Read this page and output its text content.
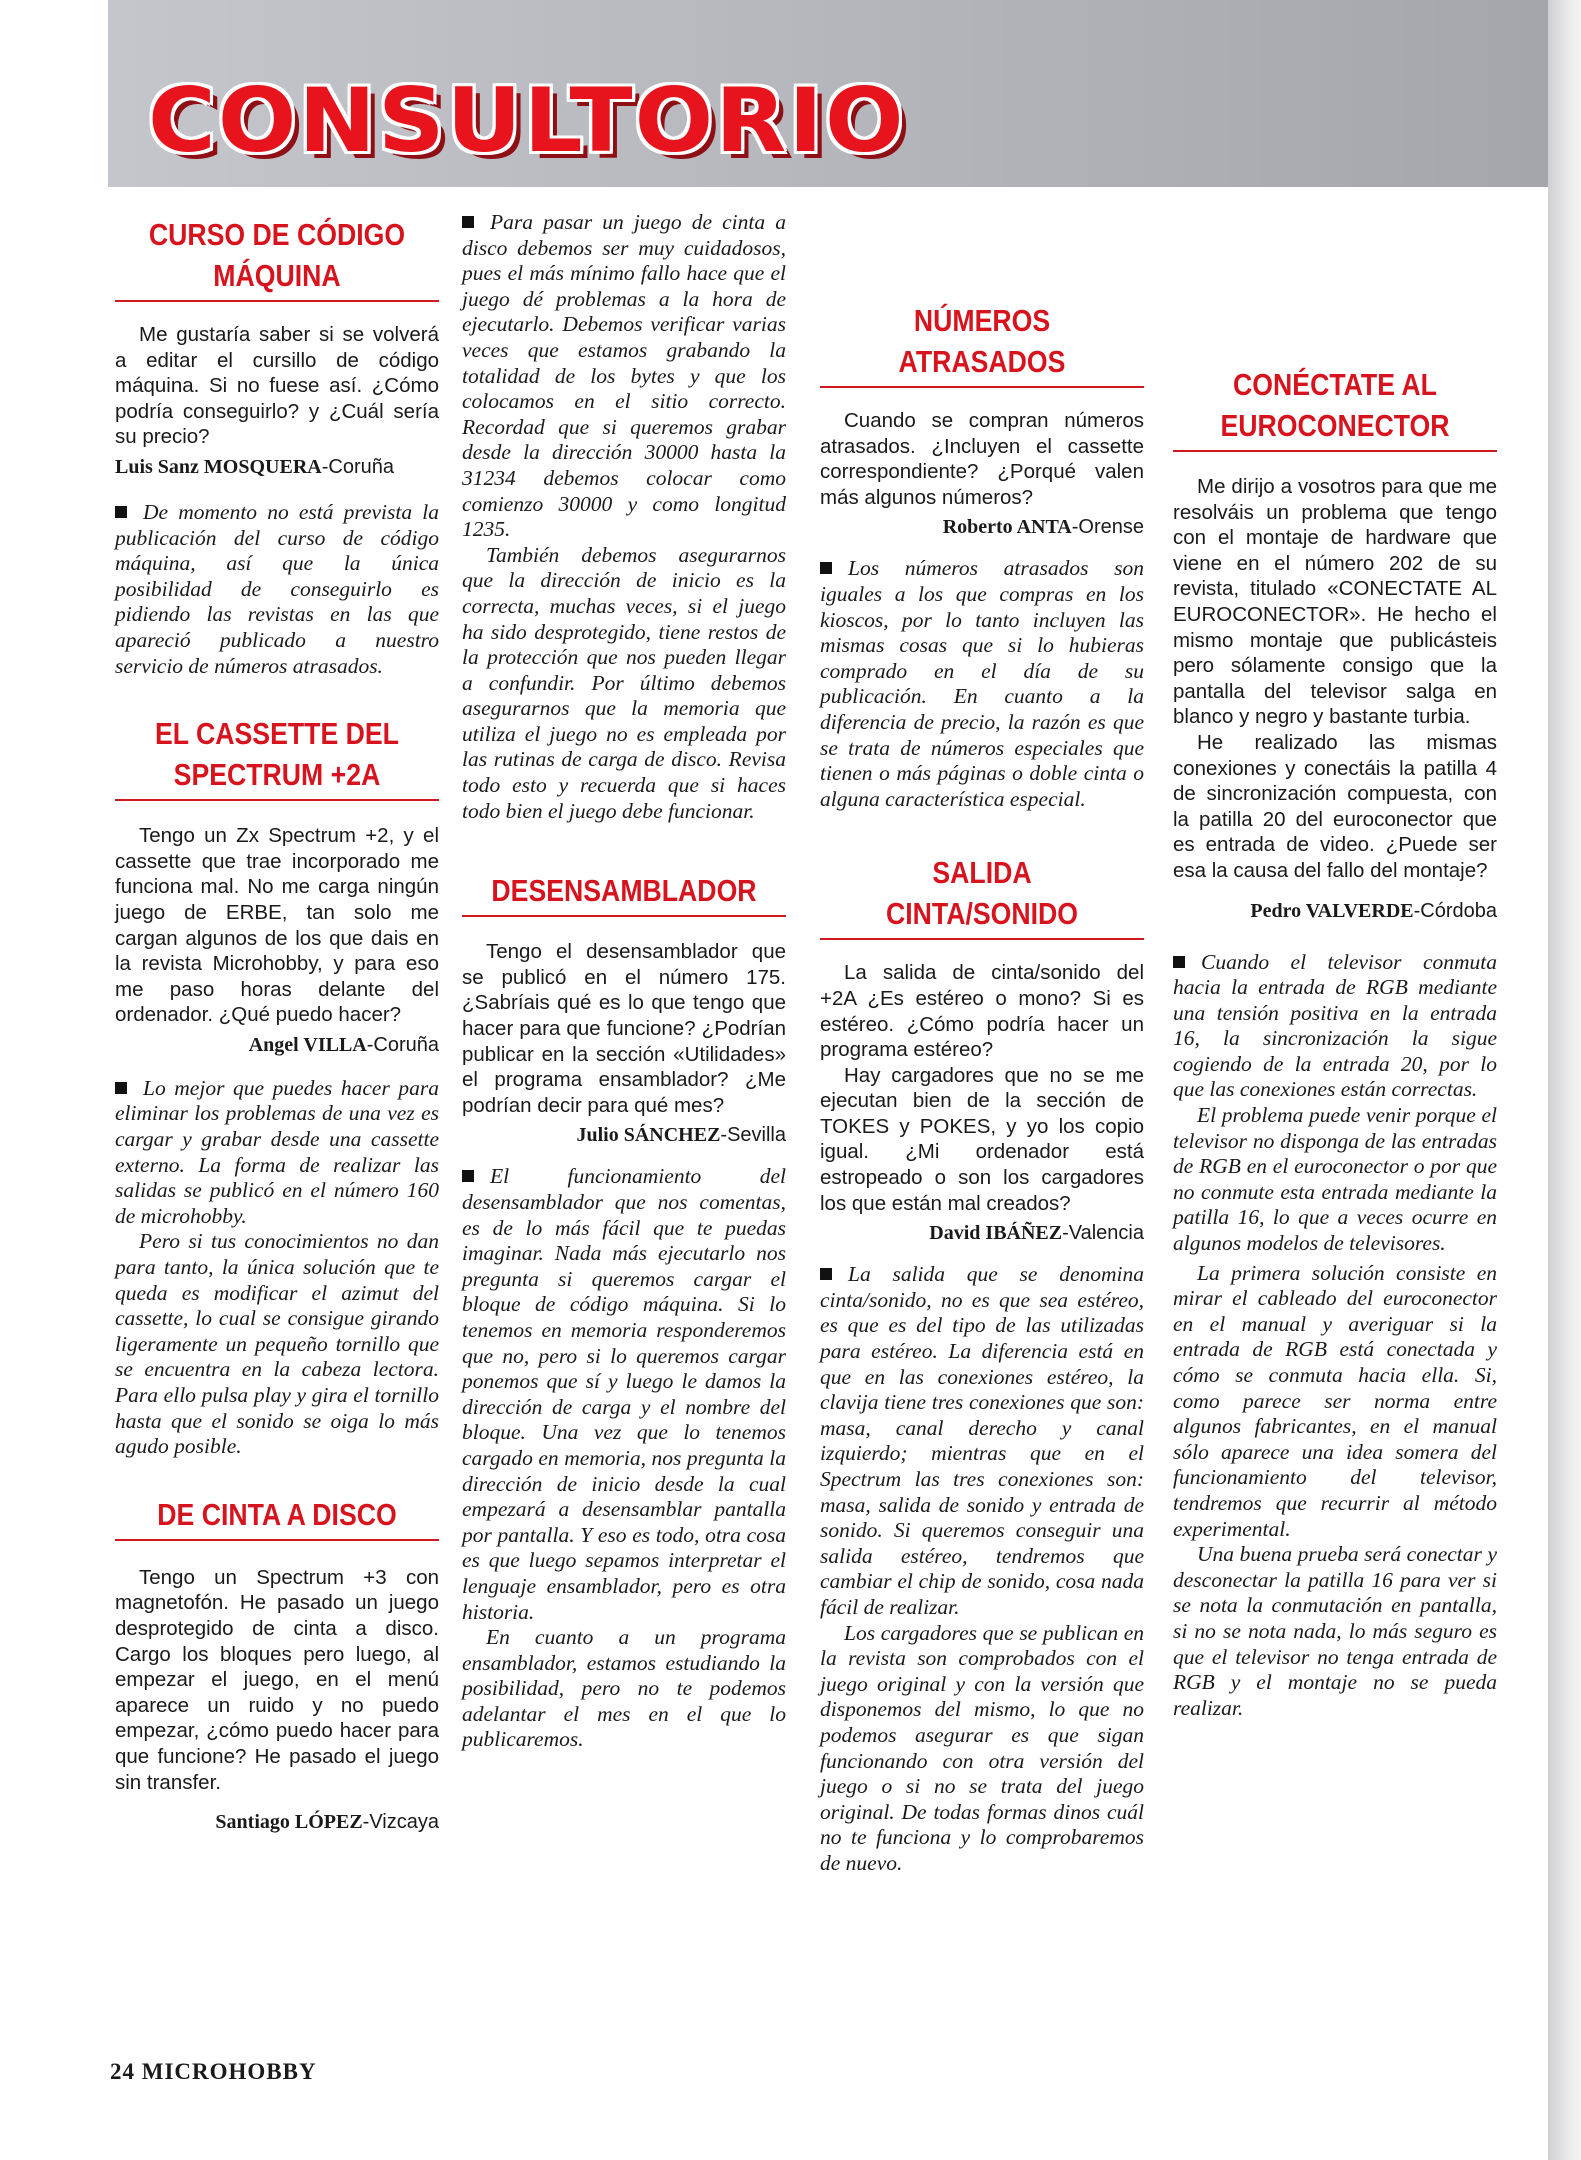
CONSULTORIO
CURSO DE CÓDIGO MÁQUINA

Me gustaría saber si se volverá a editar el cursillo de código máquina. Si no fuese así. ¿Cómo podría conseguirlo? y ¿Cuál sería su precio?

Luis Sanz MOSQUERA-Coruña

De momento no está prevista la publicación del curso de código máquina, así que la única posibilidad de conseguirlo es pidiendo las revistas en las que apareció publicado a nuestro servicio de números atrasados.

EL CASSETTE DEL SPECTRUM +2A

Tengo un Zx Spectrum +2, y el cassette que trae incorporado me funciona mal. No me carga ningún juego de ERBE, tan solo me cargan algunos de los que dais en la revista Microhobby, y para eso me paso horas delante del ordenador. ¿Qué puedo hacer?

Angel VILLA-Coruña

Lo mejor que puedes hacer para eliminar los problemas de una vez es cargar y grabar desde una cassette externo. La forma de realizar las salidas se publicó en el número 160 de microhobby.

Pero si tus conocimientos no dan para tanto, la única solución que te queda es modificar el azimut del cassette, lo cual se consigue girando ligeramente un pequeño tornillo que se encuentra en la cabeza lectora. Para ello pulsa play y gira el tornillo hasta que el sonido se oiga lo más agudo posible.

DE CINTA A DISCO

Tengo un Spectrum +3 con magnetofón. He pasado un juego desprotegido de cinta a disco. Cargo los bloques pero luego, al empezar el juego, en el menú aparece un ruido y no puedo empezar, ¿cómo puedo hacer para que funcione? He pasado el juego sin transfer.

Santiago LÓPEZ-Vizcaya

Para pasar un juego de cinta a disco debemos ser muy cuidadosos, pues el más mínimo fallo hace que el juego dé problemas a la hora de ejecutarlo. Debemos verificar varias veces que estamos grabando la totalidad de los bytes y que los colocamos en el sitio correcto. Recordad que si queremos grabar desde la dirección 30000 hasta la 31234 debemos colocar como comienzo 30000 y como longitud 1235.

También debemos asegurarnos que la dirección de inicio es la correcta, muchas veces, si el juego ha sido desprotegido, tiene restos de la protección que nos pueden llegar a confundir. Por último debemos asegurarnos que la memoria que utiliza el juego no es empleada por las rutinas de carga de disco. Revisa todo esto y recuerda que si haces todo bien el juego debe funcionar.

DESENSAMBLADOR

Tengo el desensamblador que se publicó en el número 175. ¿Sabríais qué es lo que tengo que hacer para que funcione? ¿Podrían publicar en la sección «Utilidades» el programa ensamblador? ¿Me podrían decir para qué mes?

Julio SÁNCHEZ-Sevilla

El funcionamiento del desensamblador que nos comentas, es de lo más fácil que te puedas imaginar. Nada más ejecutarlo nos pregunta si queremos cargar el bloque de código máquina. Si lo tenemos en memoria responderemos que no, pero si lo queremos cargar ponemos que sí y luego le damos la dirección de carga y el nombre del bloque. Una vez que lo tenemos cargado en memoria, nos pregunta la dirección de inicio desde la cual empezará a desensamblar pantalla por pantalla. Y eso es todo, otra cosa es que luego sepamos interpretar el lenguaje ensamblador, pero es otra historia.

En cuanto a un programa ensamblador, estamos estudiando la posibilidad, pero no te podemos adelantar el mes en el que lo publicaremos.

NÚMEROS ATRASADOS

Cuando se compran números atrasados. ¿Incluyen el cassette correspondiente? ¿Porqué valen más algunos números?

Roberto ANTA-Orense

Los números atrasados son iguales a los que compras en los kioscos, por lo tanto incluyen las mismas cosas que si lo hubieras comprado en el día de su publicación. En cuanto a la diferencia de precio, la razón es que se trata de números especiales que tienen o más páginas o doble cinta o alguna característica especial.

SALIDA CINTA/SONIDO

La salida de cinta/sonido del +2A ¿Es estéreo o mono? Si es estéreo. ¿Cómo podría hacer un programa estéreo?

Hay cargadores que no se me ejecutan bien de la sección de TOKES y POKES, y yo los copio igual. ¿Mi ordenador está estropeado o son los cargadores los que están mal creados?

David IBÁÑEZ-Valencia

La salida que se denomina cinta/sonido, no es que sea estéreo, es que es del tipo de las utilizadas para estéreo. La diferencia está en que en las conexiones estéreo, la clavija tiene tres conexiones que son: masa, canal derecho y canal izquierdo; mientras que en el Spectrum las tres conexiones son: masa, salida de sonido y entrada de sonido. Si queremos conseguir una salida estéreo, tendremos que cambiar el chip de sonido, cosa nada fácil de realizar.

Los cargadores que se publican en la revista son comprobados con el juego original y con la versión que disponemos del mismo, lo que no podemos asegurar es que sigan funcionando con otra versión del juego o si no se trata del juego original. De todas formas dinos cuál no te funciona y lo comprobaremos de nuevo.

CONÉCTATE AL EUROCONECTOR

Me dirijo a vosotros para que me resolváis un problema que tengo con el montaje de hardware que viene en el número 202 de su revista, titulado «CONECTATE AL EUROCONECTOR». He hecho el mismo montaje que publicásteis pero sólamente consigo que la pantalla del televisor salga en blanco y negro y bastante turbia.

He realizado las mismas conexiones y conectáis la patilla 4 de sincronización compuesta, con la patilla 20 del euroconector que es entrada de video. ¿Puede ser esa la causa del fallo del montaje?

Pedro VALVERDE-Córdoba

Cuando el televisor conmuta hacia la entrada de RGB mediante una tensión positiva en la entrada 16, la sincronización la sigue cogiendo de la entrada 20, por lo que las conexiones están correctas.

El problema puede venir porque el televisor no disponga de las entradas de RGB en el euroconector o por que no conmute esta entrada mediante la patilla 16, lo que a veces ocurre en algunos modelos de televisores.

La primera solución consiste en mirar el cableado del euroconector en el manual y averiguar si la entrada de RGB está conectada y cómo se conmuta hacia ella. Si, como parece ser norma entre algunos fabricantes, en el manual sólo aparece una idea somera del funcionamiento del televisor, tendremos que recurrir al método experimental.

Una buena prueba será conectar y desconectar la patilla 16 para ver si se nota la conmutación en pantalla, si no se nota nada, lo más seguro es que el televisor no tenga entrada de RGB y el montaje no se pueda realizar.

24 MICROHOBBY
